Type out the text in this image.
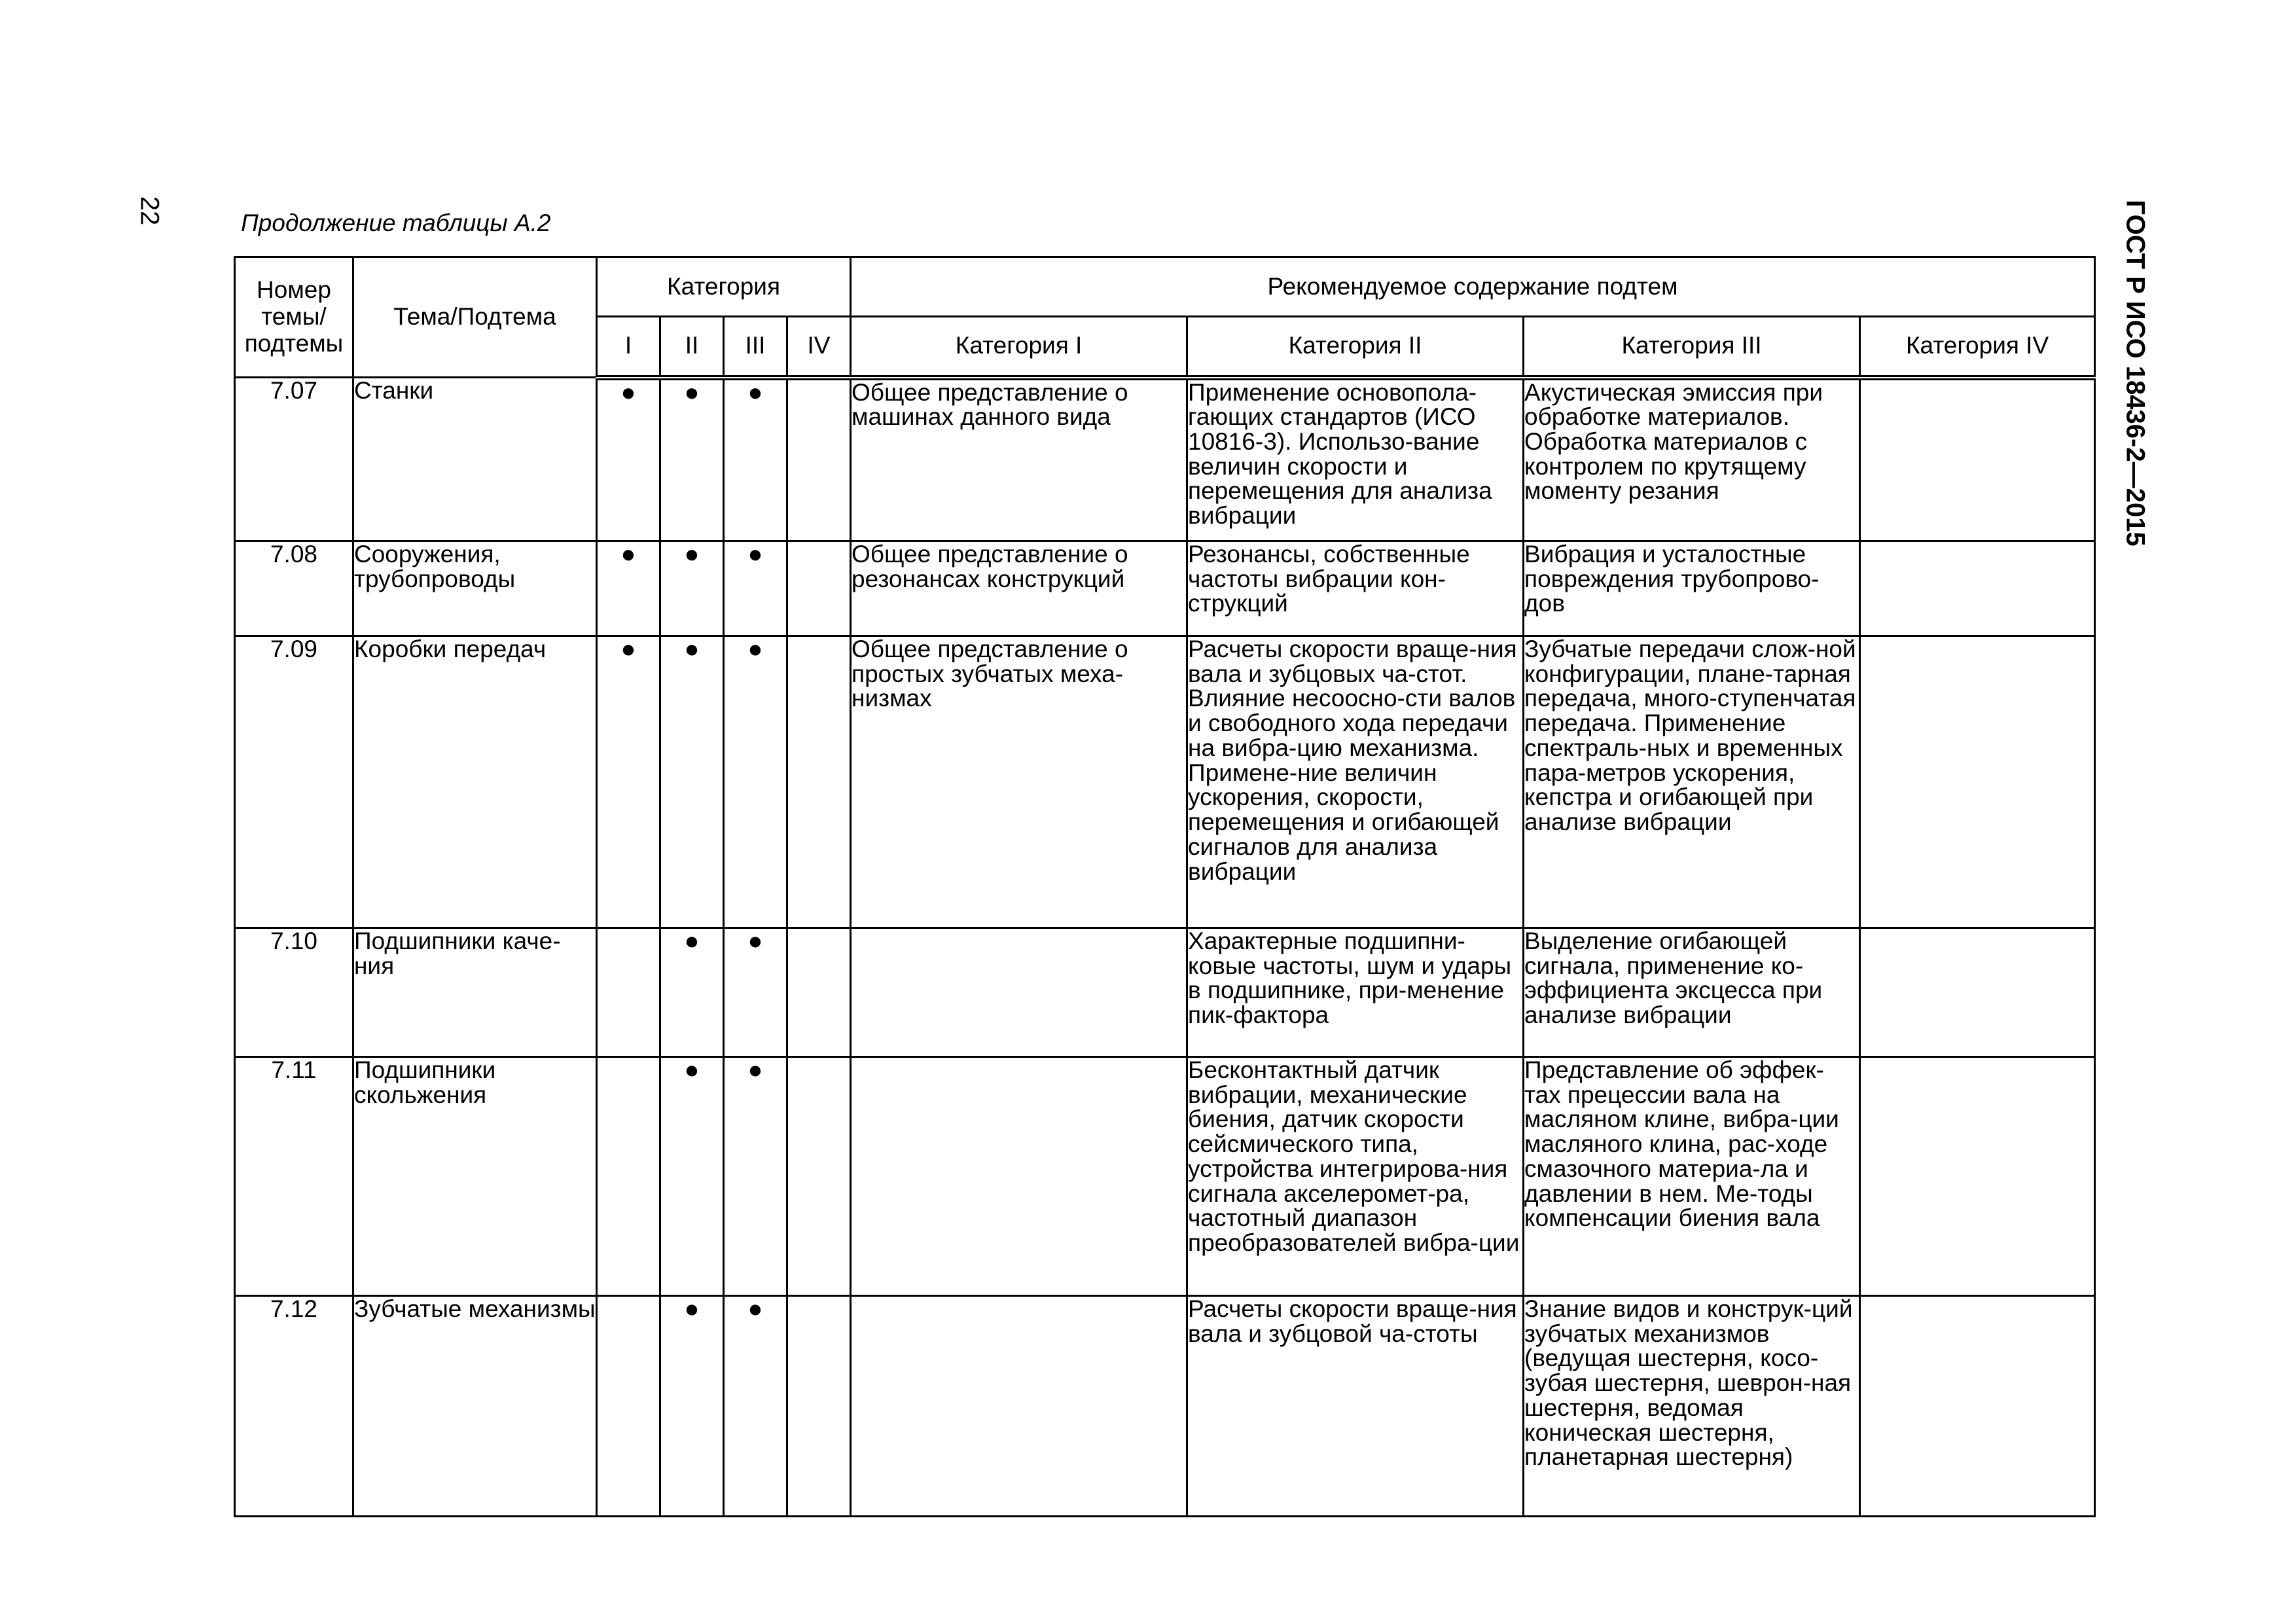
22	ГОСТ Р ИСО 18436-2—2015
Продолжение таблицы А.2
Номер темы/ подтемы	Тема/Подтема	Категория				Рекомендуемое содержание подтем			
		I	II	III	IV	Категория I	Категория II	Категория III	Категория IV
7.07	Станки	●	●	●		Общее представление о машинах данного вида	Применение основопола-гающих стандартов (ИСО 10816-3). Использо-вание величин скорости и перемещения для анализа вибрации	Акустическая эмиссия при обработке материалов. Обработка материалов с контролем по крутящему моменту резания	
7.08	Сооружения, трубопроводы	●	●	●		Общее представление о резонансах конструкций	Резонансы, собственные частоты вибрации кон-струкций	Вибрация и усталостные повреждения трубопрово-дов	
7.09	Коробки передач	●	●	●		Общее представление о простых зубчатых меха-низмах	Расчеты скорости враще-ния вала и зубцовых ча-стот. Влияние несоосно-сти валов и свободного хода передачи на вибра-цию механизма. Примене-ние величин ускорения, скорости, перемещения и огибающей сигналов для анализа вибрации	Зубчатые передачи слож-ной конфигурации, плане-тарная передача, много-ступенчатая передача. Применение спектраль-ных и временных пара-метров ускорения, кепстра и огибающей при анализе вибрации	
7.10	Подшипники каче-ния		●	●			Характерные подшипни-ковые частоты, шум и удары в подшипнике, при-менение пик-фактора	Выделение огибающей сигнала, применение ко-эффициента эксцесса при анализе вибрации	
7.11	Подшипники скольжения		●	●			Бесконтактный датчик вибрации, механические биения, датчик скорости сейсмического типа, устройства интегрирова-ния сигнала акселеромет-ра, частотный диапазон преобразователей вибра-ции	Представление об эффек-тах прецессии вала на масляном клине, вибра-ции масляного клина, рас-ходе смазочного материа-ла и давлении в нем. Ме-тоды компенсации биения вала	
7.12	Зубчатые механизмы		●	●			Расчеты скорости враще-ния вала и зубцовой ча-стоты	Знание видов и конструк-ций зубчатых механизмов (ведущая шестерня, косо-зубая шестерня, шеврон-ная шестерня, ведомая коническая шестерня, планетарная шестерня)	
